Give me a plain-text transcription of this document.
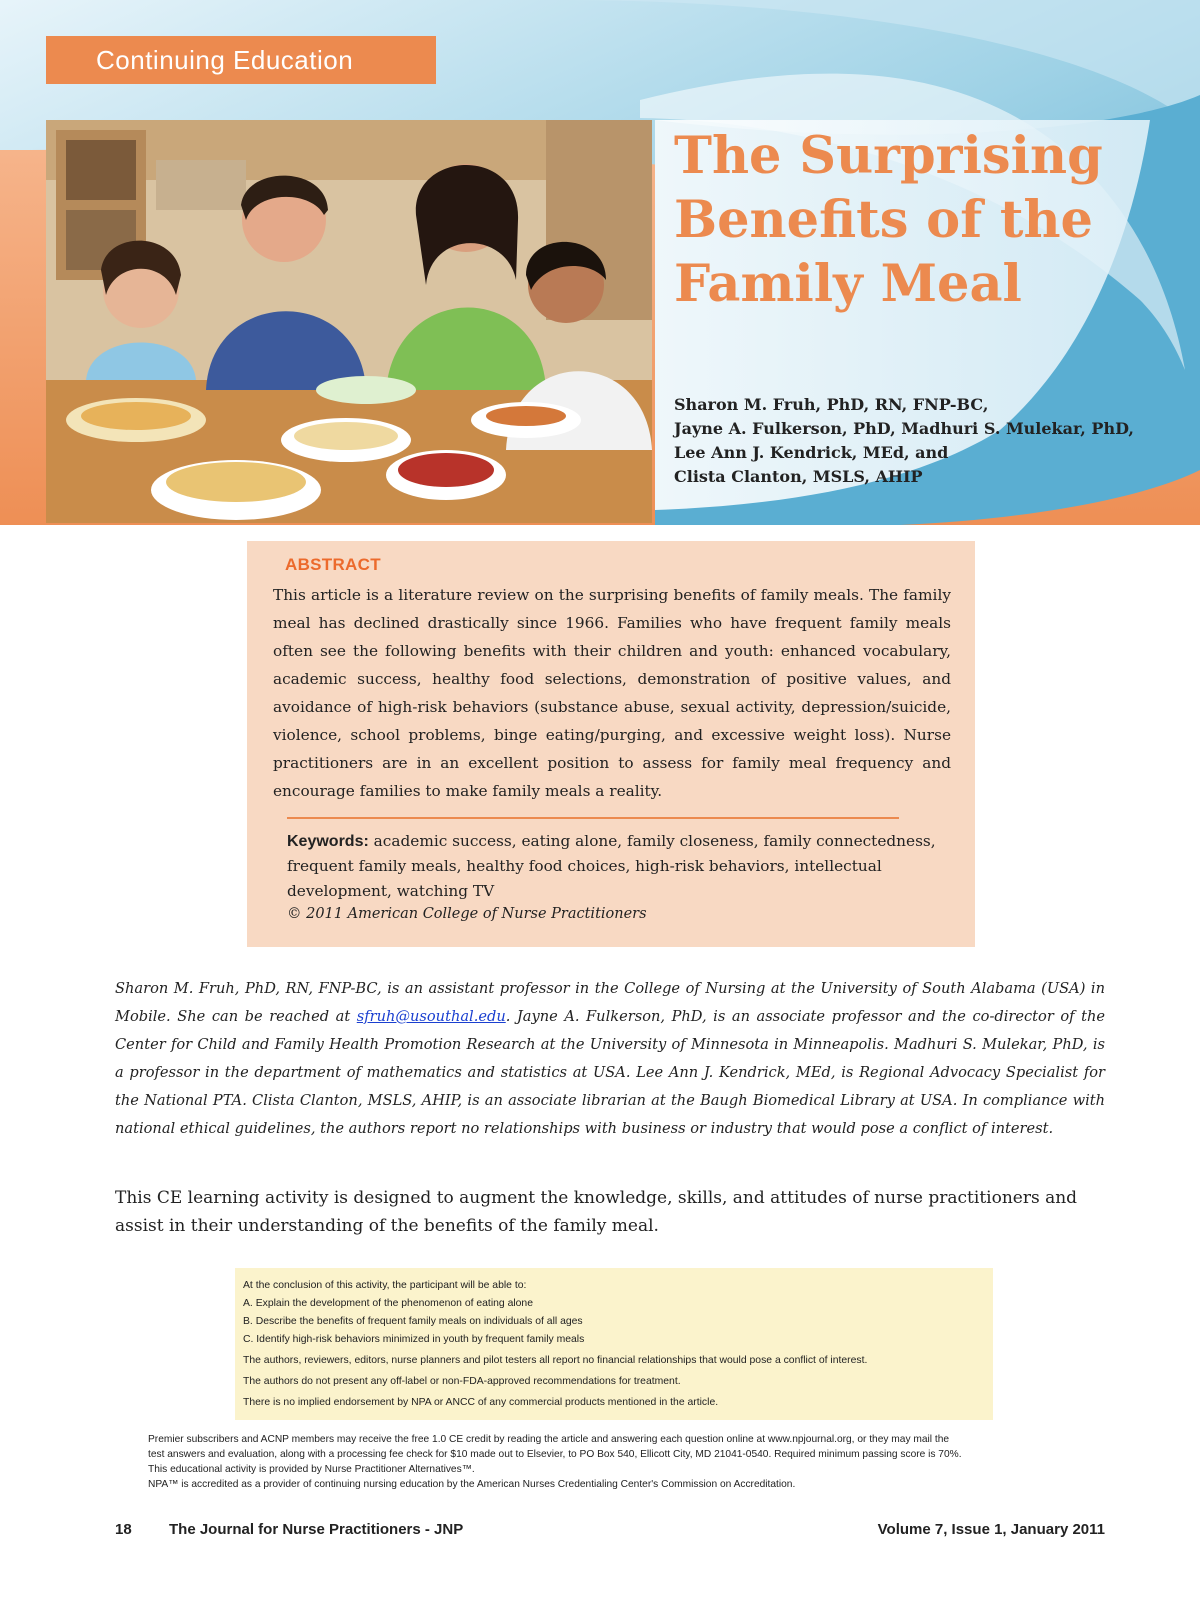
Continuing Education
The Surprising
Benefits of the
Family Meal
Sharon M. Fruh, PhD, RN, FNP-BC,
Jayne A. Fulkerson, PhD, Madhuri S. Mulekar, PhD,
Lee Ann J. Kendrick, MEd, and
Clista Clanton, MSLS, AHIP
ABSTRACT
This article is a literature review on the surprising benefits of family meals. The family meal has declined drastically since 1966. Families who have frequent family meals often see the following benefits with their children and youth: enhanced vocabulary, academic success, healthy food selections, demonstration of positive values, and avoidance of high-risk behaviors (substance abuse, sexual activity, depression/suicide, violence, school problems, binge eating/purging, and excessive weight loss). Nurse practitioners are in an excellent position to assess for family meal frequency and encourage families to make family meals a reality.
Keywords: academic success, eating alone, family closeness, family connectedness, frequent family meals, healthy food choices, high-risk behaviors, intellectual development, watching TV
© 2011 American College of Nurse Practitioners
Sharon M. Fruh, PhD, RN, FNP-BC, is an assistant professor in the College of Nursing at the University of South Alabama (USA) in Mobile. She can be reached at sfruh@usouthal.edu. Jayne A. Fulkerson, PhD, is an associate professor and the co-director of the Center for Child and Family Health Promotion Research at the University of Minnesota in Minneapolis. Madhuri S. Mulekar, PhD, is a professor in the department of mathematics and statistics at USA. Lee Ann J. Kendrick, MEd, is Regional Advocacy Specialist for the National PTA. Clista Clanton, MSLS, AHIP, is an associate librarian at the Baugh Biomedical Library at USA. In compliance with national ethical guidelines, the authors report no relationships with business or industry that would pose a conflict of interest.
This CE learning activity is designed to augment the knowledge, skills, and attitudes of nurse practitioners and assist in their understanding of the benefits of the family meal.
At the conclusion of this activity, the participant will be able to:
A. Explain the development of the phenomenon of eating alone
B. Describe the benefits of frequent family meals on individuals of all ages
C. Identify high-risk behaviors minimized in youth by frequent family meals
The authors, reviewers, editors, nurse planners and pilot testers all report no financial relationships that would pose a conflict of interest.
The authors do not present any off-label or non-FDA-approved recommendations for treatment.
There is no implied endorsement by NPA or ANCC of any commercial products mentioned in the article.
Premier subscribers and ACNP members may receive the free 1.0 CE credit by reading the article and answering each question online at www.npjournal.org, or they may mail the
test answers and evaluation, along with a processing fee check for $10 made out to Elsevier, to PO Box 540, Ellicott City, MD 21041-0540. Required minimum passing score is 70%.
This educational activity is provided by Nurse Practitioner Alternatives™.
NPA™ is accredited as a provider of continuing nursing education by the American Nurses Credentialing Center's Commission on Accreditation.
18	The Journal for Nurse Practitioners - JNP	Volume 7, Issue 1, January 2011
